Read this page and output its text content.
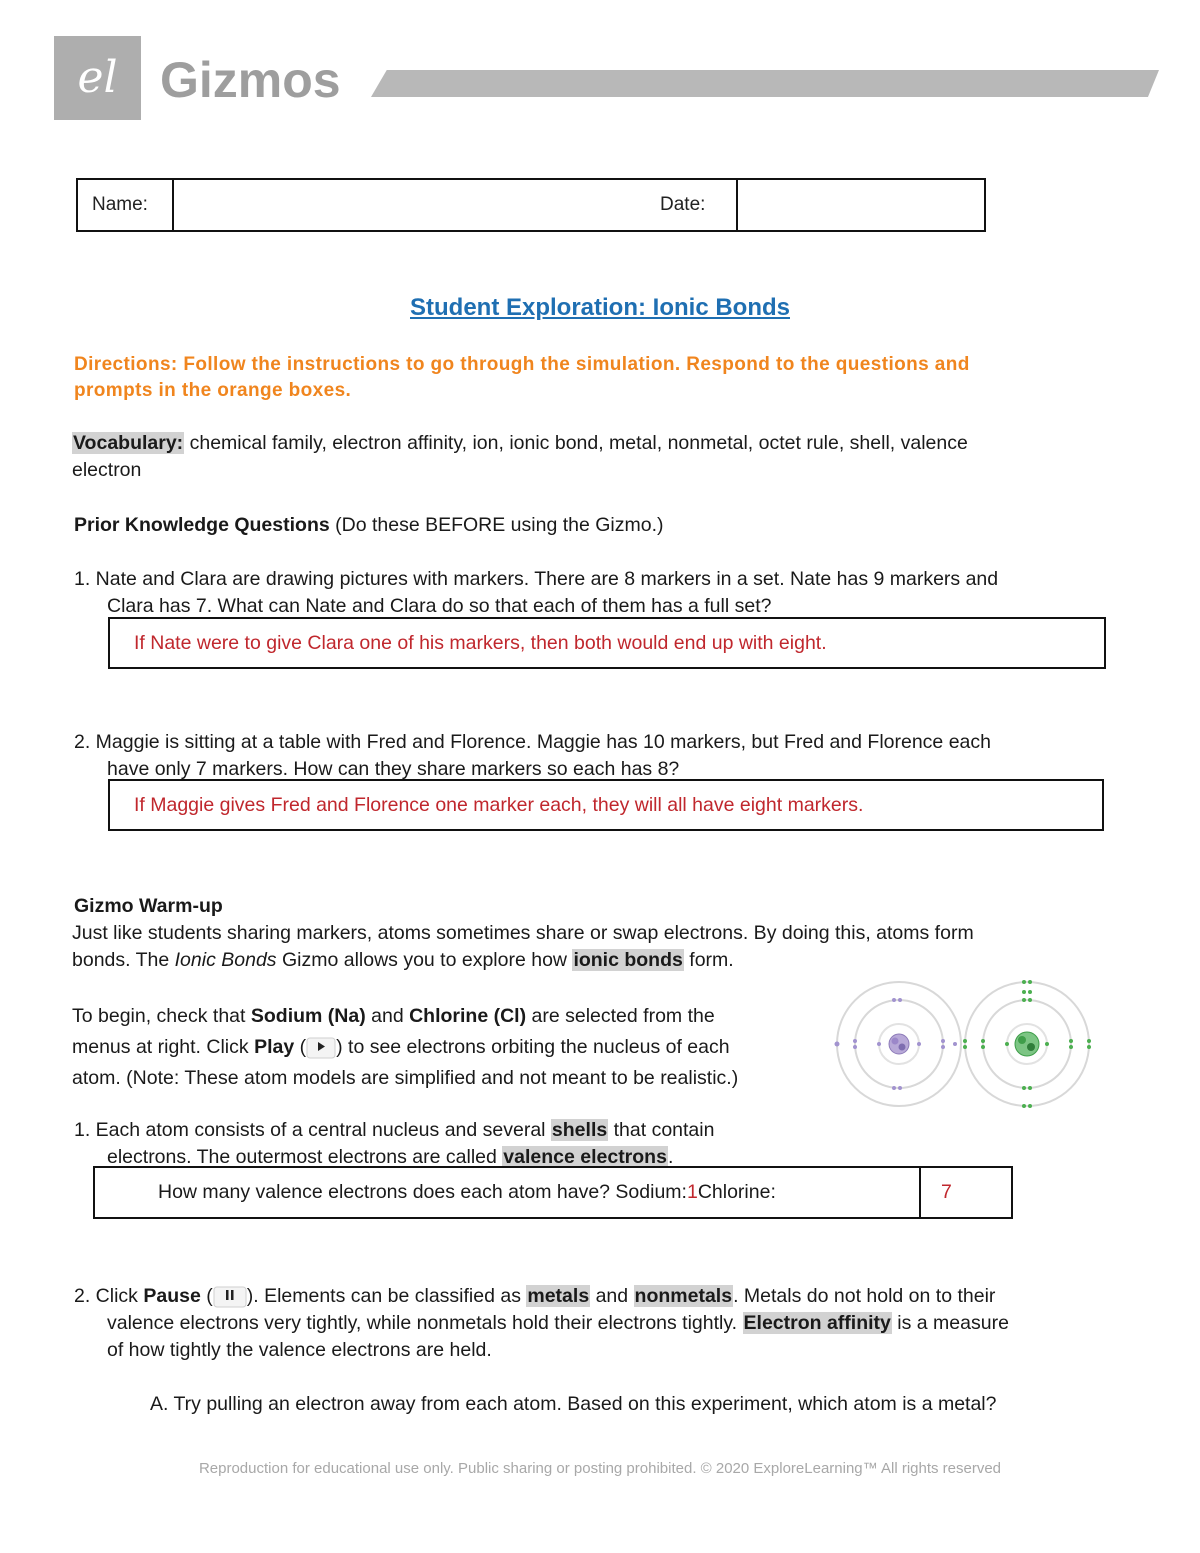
el Gizmos
Name:	Date:
Student Exploration: Ionic Bonds
Directions: Follow the instructions to go through the simulation. Respond to the questions and prompts in the orange boxes.
Vocabulary: chemical family, electron affinity, ion, ionic bond, metal, nonmetal, octet rule, shell, valence electron
Prior Knowledge Questions (Do these BEFORE using the Gizmo.)
1. Nate and Clara are drawing pictures with markers. There are 8 markers in a set. Nate has 9 markers and
Clara has 7. What can Nate and Clara do so that each of them has a full set?
If Nate were to give Clara one of his markers, then both would end up with eight.
2. Maggie is sitting at a table with Fred and Florence. Maggie has 10 markers, but Fred and Florence each
have only 7 markers. How can they share markers so each has 8?
If Maggie gives Fred and Florence one marker each, they will all have eight markers.
Gizmo Warm-up
Just like students sharing markers, atoms sometimes share or swap electrons. By doing this, atoms form
bonds. The Ionic Bonds Gizmo allows you to explore how ionic bonds form.
To begin, check that Sodium (Na) and Chlorine (Cl) are selected from the
menus at right. Click Play ( ) to see electrons orbiting the nucleus of each
atom. (Note: These atom models are simplified and not meant to be realistic.)
1. Each atom consists of a central nucleus and several shells that contain
electrons. The outermost electrons are called valence electrons.
How many valence electrons does each atom have? Sodium: 1 Chlorine:	7
2. Click Pause ( ). Elements can be classified as metals and nonmetals. Metals do not hold on to their
valence electrons very tightly, while nonmetals hold their electrons tightly. Electron affinity is a measure
of how tightly the valence electrons are held.
A. Try pulling an electron away from each atom. Based on this experiment, which atom is a metal?
Reproduction for educational use only. Public sharing or posting prohibited. © 2020 ExploreLearning™ All rights reserved
